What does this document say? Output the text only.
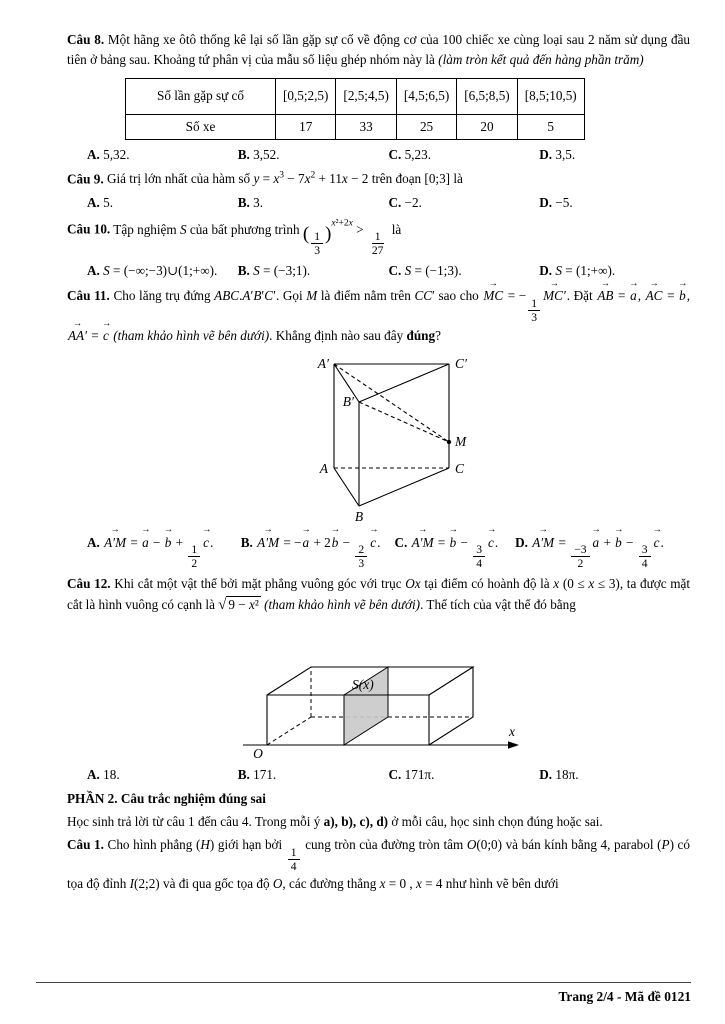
Câu 8. Một hãng xe ôtô thống kê lại số lần gặp sự cố về động cơ của 100 chiếc xe cùng loại sau 2 năm sử dụng đầu tiên ở bảng sau. Khoảng tứ phân vị của mẫu số liệu ghép nhóm này là (làm tròn kết quả đến hàng phần trăm)

Số lần gặp sự cố	[0,5;2,5)	[2,5;4,5)	[4,5;6,5)	[6,5;8,5)	[8,5;10,5)
Số xe	17	33	25	20	5
A. 5,32.	B. 3,52.	C. 5,23.	D. 3,5.

Câu 9. Giá trị lớn nhất của hàm số $y = x^3 - 7x^2 + 11x - 2$ trên đoạn [0;3] là

A. 5.	B. 3.	C. −2.	D. −5.

Câu 10. Tập nghiệm S của bất phương trình ( $\frac{1}{3} )^{x^2+2x}$ >
$\frac{1}{27}$
là

A. S = (−∞;−3)∪(1;+∞).	B. S = (−3;1).	C. S = (−1;3).	D. S = (1;+∞).

Câu 11. Cho lăng trụ đứng ABC.A′B′C′. Gọi M là điểm nằm trên CC′ sao cho MC → = −
$\frac{1}{3}$
MC′ →. Đặt AB → = a →, AC → = b →, AA′ → = c → (tham khảo hình vẽ bên dưới). Khẳng định nào sau đây đúng?

A′	C′
B′
M
A	C
B
A. A′M → = a → − b → +
$\frac{1}{2}$
c →.	B. A′M → = −a → + 2b → −
$\frac{2}{3}$
c →.	C. A′M → = b → −
$\frac{3}{4}$
c →.	D. A′M → =
$\frac{-3}{2}$
a → + b → −
$\frac{3}{4}$
c →.

Câu 12. Khi cắt một vật thể bởi mặt phẳng vuông góc với trục Ox tại điểm có hoành độ là x (0 ≤ x ≤ 3), ta được mặt cắt là hình vuông có cạnh là √ 9 − x² (tham khảo hình vẽ bên dưới). Thể tích của vật thể đó bằng

S(x)
O
x
A. 18.	B. 171.	C. 171π.	D. 18π.

PHẦN 2. Câu trắc nghiệm đúng sai

Học sinh trả lời từ câu 1 đến câu 4. Trong mỗi ý a), b), c), d) ở mỗi câu, học sinh chọn đúng hoặc sai.

Câu 1. Cho hình phẳng (H) giới hạn bởi
$\frac{1}{4}$
cung tròn của đường tròn tâm O(0;0) và bán kính bằng 4, parabol (P) có tọa độ đỉnh I(2;2) và đi qua gốc tọa độ O, các đường thẳng x = 0 , x = 4 như hình vẽ bên dưới

Trang 2/4 - Mã đề 0121
